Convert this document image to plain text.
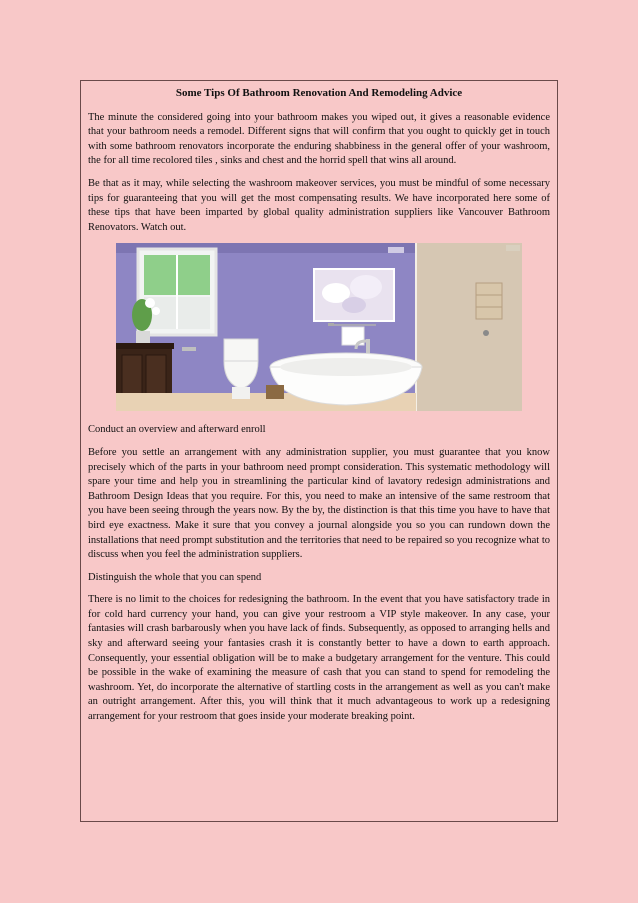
Some Tips Of Bathroom Renovation And Remodeling Advice

The minute the considered going into your bathroom makes you wiped out, it gives a reasonable evidence that your bathroom needs a remodel. Different signs that will confirm that you ought to quickly get in touch with some bathroom renovators incorporate the enduring shabbiness in the general offer of your washroom, the for all time recolored tiles , sinks and chest and the horrid spell that wins all around.

Be that as it may, while selecting the washroom makeover services, you must be mindful of some necessary tips for guaranteeing that you will get the most compensating results. We have incorporated here some of these tips that have been imparted by global quality administration suppliers like Vancouver Bathroom Renovators. Watch out.

Conduct an overview and afterward enroll

Before you settle an arrangement with any administration supplier, you must guarantee that you know precisely which of the parts in your bathroom need prompt consideration. This systematic methodology will spare your time and help you in streamlining the particular kind of lavatory redesign administrations and Bathroom Design Ideas that you require. For this, you need to make an intensive of the same restroom that you have been seeing through the years now. By the by, the distinction is that this time you have to have that bird eye exactness. Make it sure that you convey a journal alongside you so you can rundown down the installations that need prompt substitution and the territories that need to be repaired so you recognize what to discuss when you feel the administration suppliers.

Distinguish the whole that you can spend

There is no limit to the choices for redesigning the bathroom. In the event that you have satisfactory trade in for cold hard currency your hand, you can give your restroom a VIP style makeover. In any case, your fantasies will crash barbarously when you have lack of finds. Subsequently, as opposed to arranging hells and sky and afterward seeing your fantasies crash it is constantly better to have a down to earth approach. Consequently, your essential obligation will be to make a budgetary arrangement for the venture. This could be possible in the wake of examining the measure of cash that you can stand to spend for remodeling the washroom. Yet, do incorporate the alternative of startling costs in the arrangement as well as you can't make an outright arrangement. After this, you will think that it much advantageous to work up a redesigning arrangement for your restroom that goes inside your moderate breaking point.
